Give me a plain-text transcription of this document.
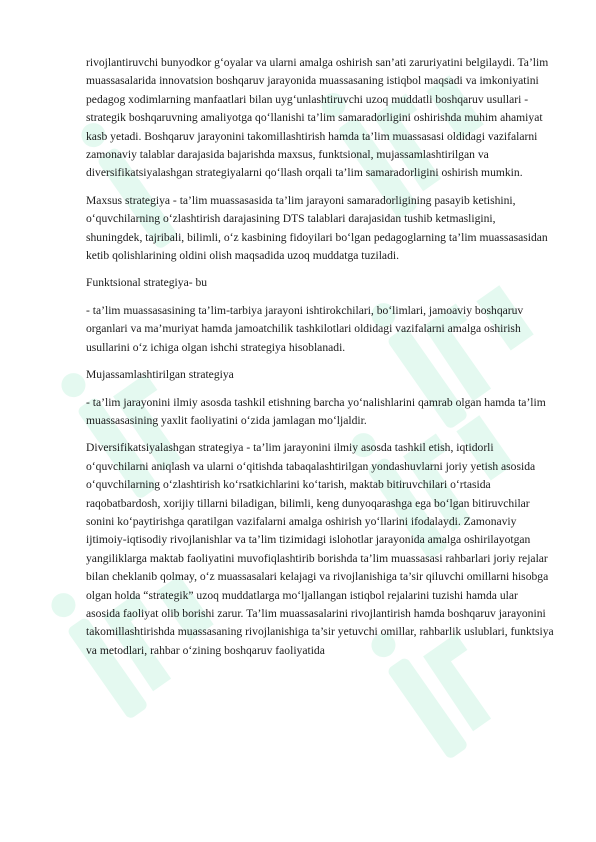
rivojlantiruvchi bunyodkor g‘oyalar va ularni amalga oshirish san’ati zaruriyatini belgilaydi. Ta’lim muassasalarida innovatsion boshqaruv jarayonida muassasaning istiqbol maqsadi va imkoniyatini pedagog xodimlarning manfaatlari bilan uyg‘unlashtiruvchi uzoq muddatli boshqaruv usullari - strategik boshqaruvning amaliyotga qo‘llanishi ta’lim samaradorligini oshirishda muhim ahamiyat kasb yetadi. Boshqaruv jarayonini takomillashtirish hamda ta’lim muassasasi oldidagi vazifalarni zamonaviy talablar darajasida bajarishda maxsus, funktsional, mujassamlashtirilgan va diversifikatsiyalashgan strategiyalarni qo‘llash orqali ta’lim samaradorligini oshirish mumkin.

Maxsus strategiya - ta’lim muassasasida ta’lim jarayoni samaradorligining pasayib ketishini, o‘quvchilarning o‘zlashtirish darajasining DTS talablari darajasidan tushib ketmasligini, shuningdek, tajribali, bilimli, o‘z kasbining fidoyilari bo‘lgan pedagoglarning ta’lim muassasasidan ketib qolishlarining oldini olish maqsadida uzoq muddatga tuziladi.

Funktsional strategiya- bu

- ta’lim muassasasining ta’lim-tarbiya jarayoni ishtirokchilari, bo‘limlari, jamoaviy boshqaruv organlari va ma’muriyat hamda jamoatchilik tashkilotlari oldidagi vazifalarni amalga oshirish usullarini o‘z ichiga olgan ishchi strategiya hisoblanadi.

Mujassamlashtirilgan strategiya

- ta’lim jarayonini ilmiy asosda tashkil etishning barcha yo‘nalishlarini qamrab olgan hamda ta’lim muassasasining yaxlit faoliyatini o‘zida jamlagan mo‘ljaldir.

Diversifikatsiyalashgan strategiya - ta’lim jarayonini ilmiy asosda tashkil etish, iqtidorli o‘quvchilarni aniqlash va ularni o‘qitishda tabaqalashtirilgan yondashuvlarni joriy yetish asosida o‘quvchilarning o‘zlashtirish ko‘rsatkichlarini ko‘tarish, maktab bitiruvchilari o‘rtasida raqobatbardosh, xorijiy tillarni biladigan, bilimli, keng dunyoqarashga ega bo‘lgan bitiruvchilar sonini ko‘paytirishga qaratilgan vazifalarni amalga oshirish yo‘llarini ifodalaydi. Zamonaviy ijtimoiy-iqtisodiy rivojlanishlar va ta’lim tizimidagi islohotlar jarayonida amalga oshirilayotgan yangiliklarga maktab faoliyatini muvofiqlashtirib borishda ta’lim muassasasi rahbarlari joriy rejalar bilan cheklanib qolmay, o‘z muassasalari kelajagi va rivojlanishiga ta’sir qiluvchi omillarni hisobga olgan holda “strategik” uzoq muddatlarga mo‘ljallangan istiqbol rejalarini tuzishi hamda ular asosida faoliyat olib borishi zarur. Ta’lim muassasalarini rivojlantirish hamda boshqaruv jarayonini takomillashtirishda muassasaning rivojlanishiga ta’sir yetuvchi omillar, rahbarlik uslublari, funktsiya va metodlari, rahbar o‘zining boshqaruv faoliyatida
